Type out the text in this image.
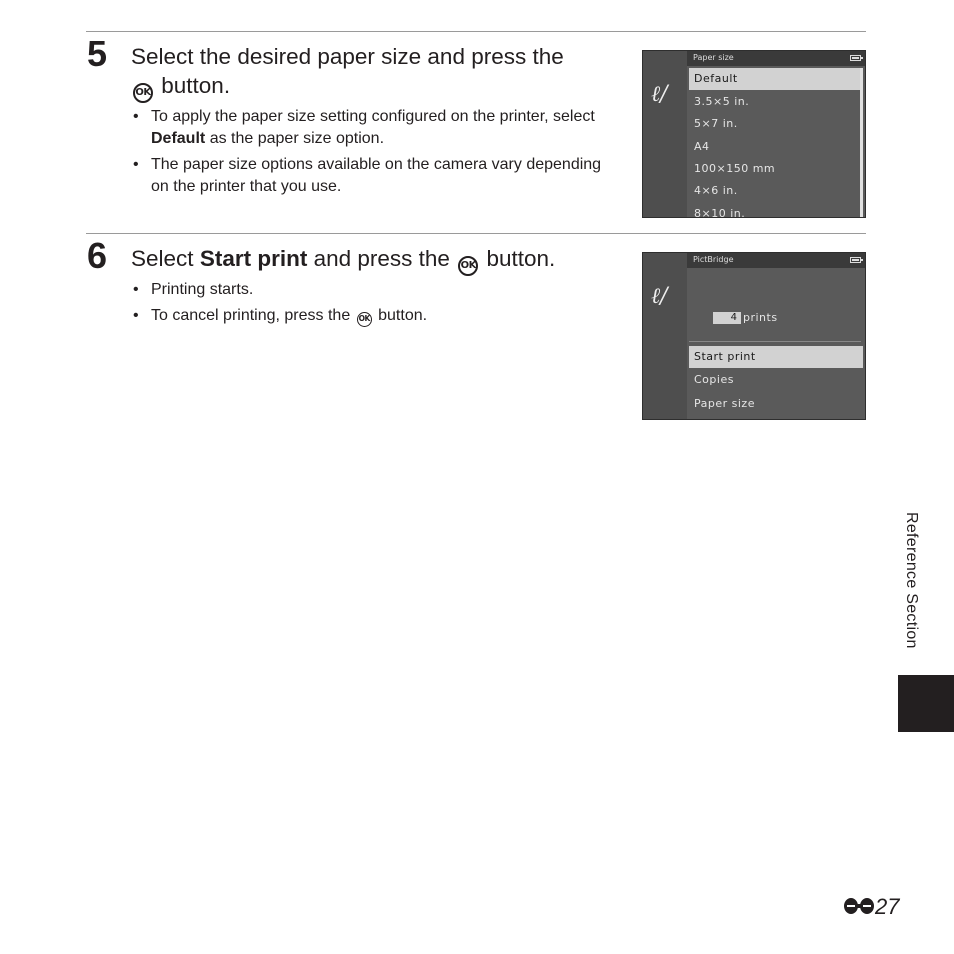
5 Select the desired paper size and press the
OK button.
• To apply the paper size setting configured on the printer, select Default as the paper size option.
• The paper size options available on the camera vary depending on the printer that you use.
ℓ/
Paper size
Default
3.5×5 in.
5×7 in.
A4
100×150 mm
4×6 in.
8×10 in.
6 Select Start print and press the OK button.
• Printing starts.
• To cancel printing, press the OK button.
ℓ/
PictBridge
4 prints
Start print
Copies
Paper size
Reference Section
27
